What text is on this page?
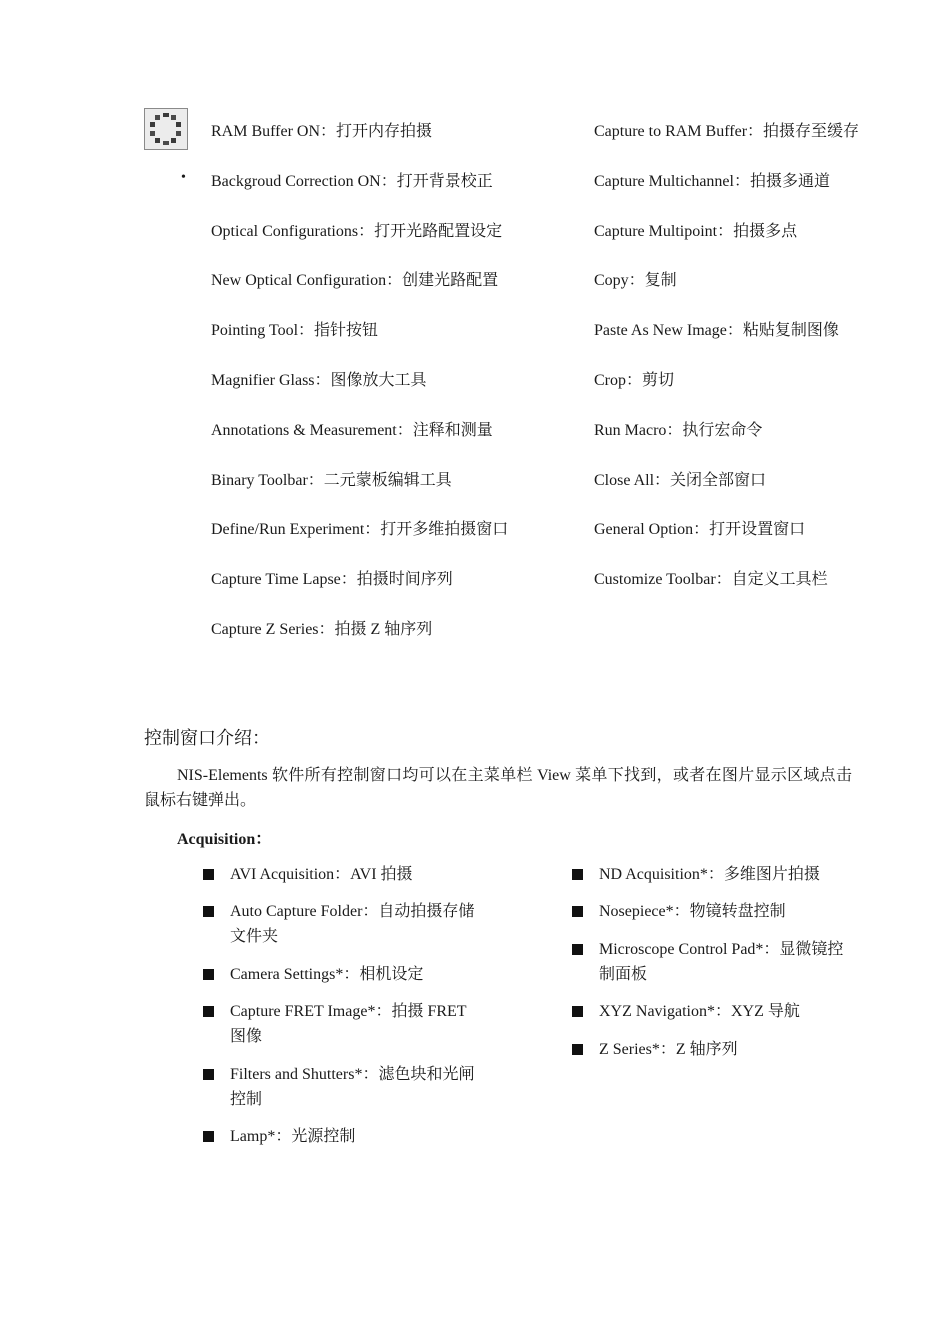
•
RAM Buffer ON：打开内存拍摄
Backgroud Correction ON：打开背景校正
Optical Configurations：打开光路配置设定
New Optical Configuration：创建光路配置
Pointing Tool：指针按钮
Magnifier Glass：图像放大工具
Annotations & Measurement：注释和测量
Binary Toolbar：二元蒙板编辑工具
Define/Run Experiment：打开多维拍摄窗口
Capture Time Lapse：拍摄时间序列
Capture Z Series：拍摄 Z 轴序列
Capture to RAM Buffer：拍摄存至缓存
Capture Multichannel：拍摄多通道
Capture Multipoint：拍摄多点
Copy：复制
Paste As New Image：粘贴复制图像
Crop：剪切
Run Macro：执行宏命令
Close All：关闭全部窗口
General Option：打开设置窗口
Customize Toolbar：自定义工具栏
控制窗口介绍：
NIS-Elements 软件所有控制窗口均可以在主菜单栏 View 菜单下找到，或者在图片显示区域点击鼠标右键弹出。
Acquisition：
AVI Acquisition：AVI 拍摄
Auto Capture Folder：自动拍摄存储
文件夹
Camera Settings*：相机设定
Capture FRET Image*：拍摄 FRET
图像
Filters and Shutters*：滤色块和光闸
控制
Lamp*：光源控制
ND Acquisition*：多维图片拍摄
Nosepiece*：物镜转盘控制
Microscope Control Pad*：显微镜控
制面板
XYZ Navigation*：XYZ 导航
Z Series*：Z 轴序列
